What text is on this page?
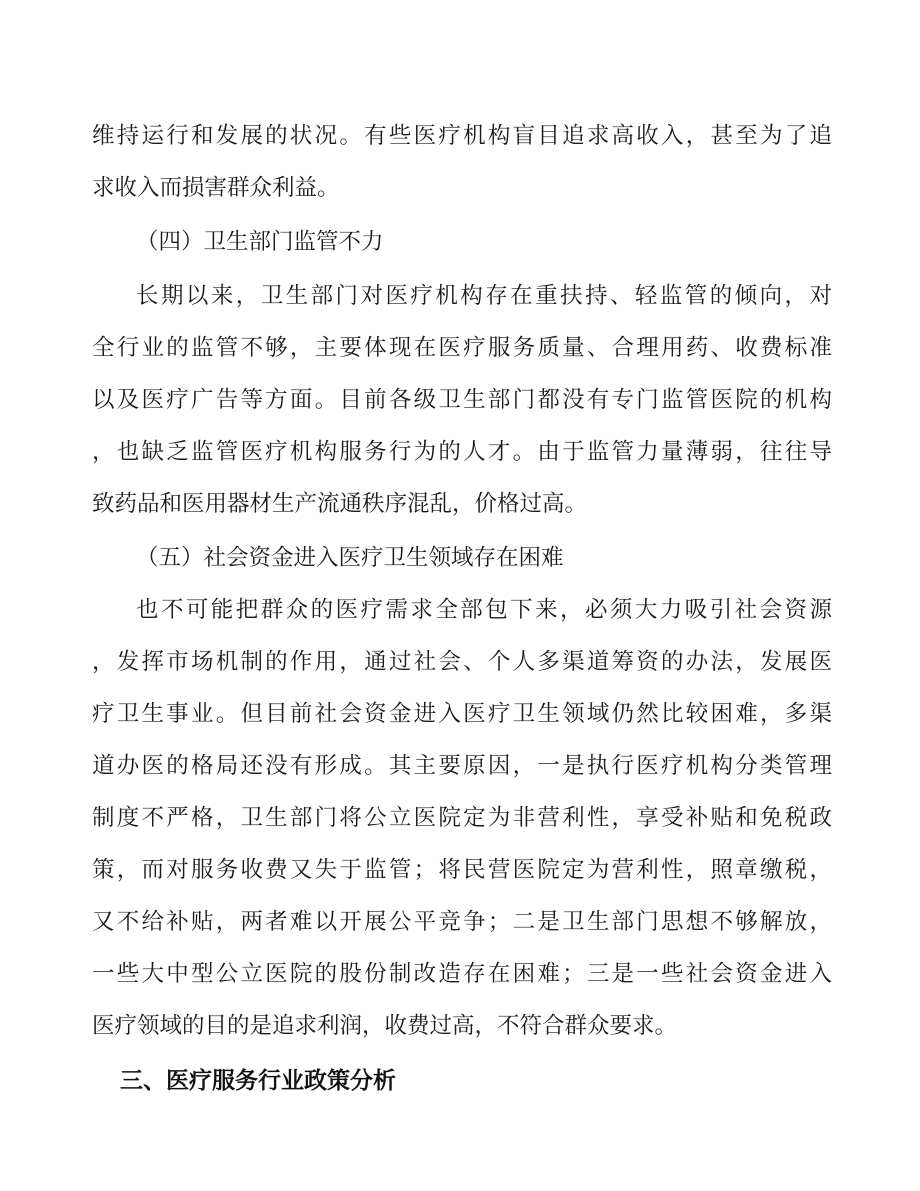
维持运行和发展的状况。有些医疗机构盲目追求高收入，甚至为了追
求收入而损害群众利益。
（四）卫生部门监管不力
长期以来，卫生部门对医疗机构存在重扶持、轻监管的倾向，对
全行业的监管不够，主要体现在医疗服务质量、合理用药、收费标准
以及医疗广告等方面。目前各级卫生部门都没有专门监管医院的机构
，也缺乏监管医疗机构服务行为的人才。由于监管力量薄弱，往往导
致药品和医用器材生产流通秩序混乱，价格过高。
（五）社会资金进入医疗卫生领域存在困难
也不可能把群众的医疗需求全部包下来，必须大力吸引社会资源
，发挥市场机制的作用，通过社会、个人多渠道筹资的办法，发展医
疗卫生事业。但目前社会资金进入医疗卫生领域仍然比较困难，多渠
道办医的格局还没有形成。其主要原因，一是执行医疗机构分类管理
制度不严格，卫生部门将公立医院定为非营利性，享受补贴和免税政
策，而对服务收费又失于监管；将民营医院定为营利性，照章缴税，
又不给补贴，两者难以开展公平竞争；二是卫生部门思想不够解放，
一些大中型公立医院的股份制改造存在困难；三是一些社会资金进入
医疗领域的目的是追求利润，收费过高，不符合群众要求。
三、医疗服务行业政策分析
